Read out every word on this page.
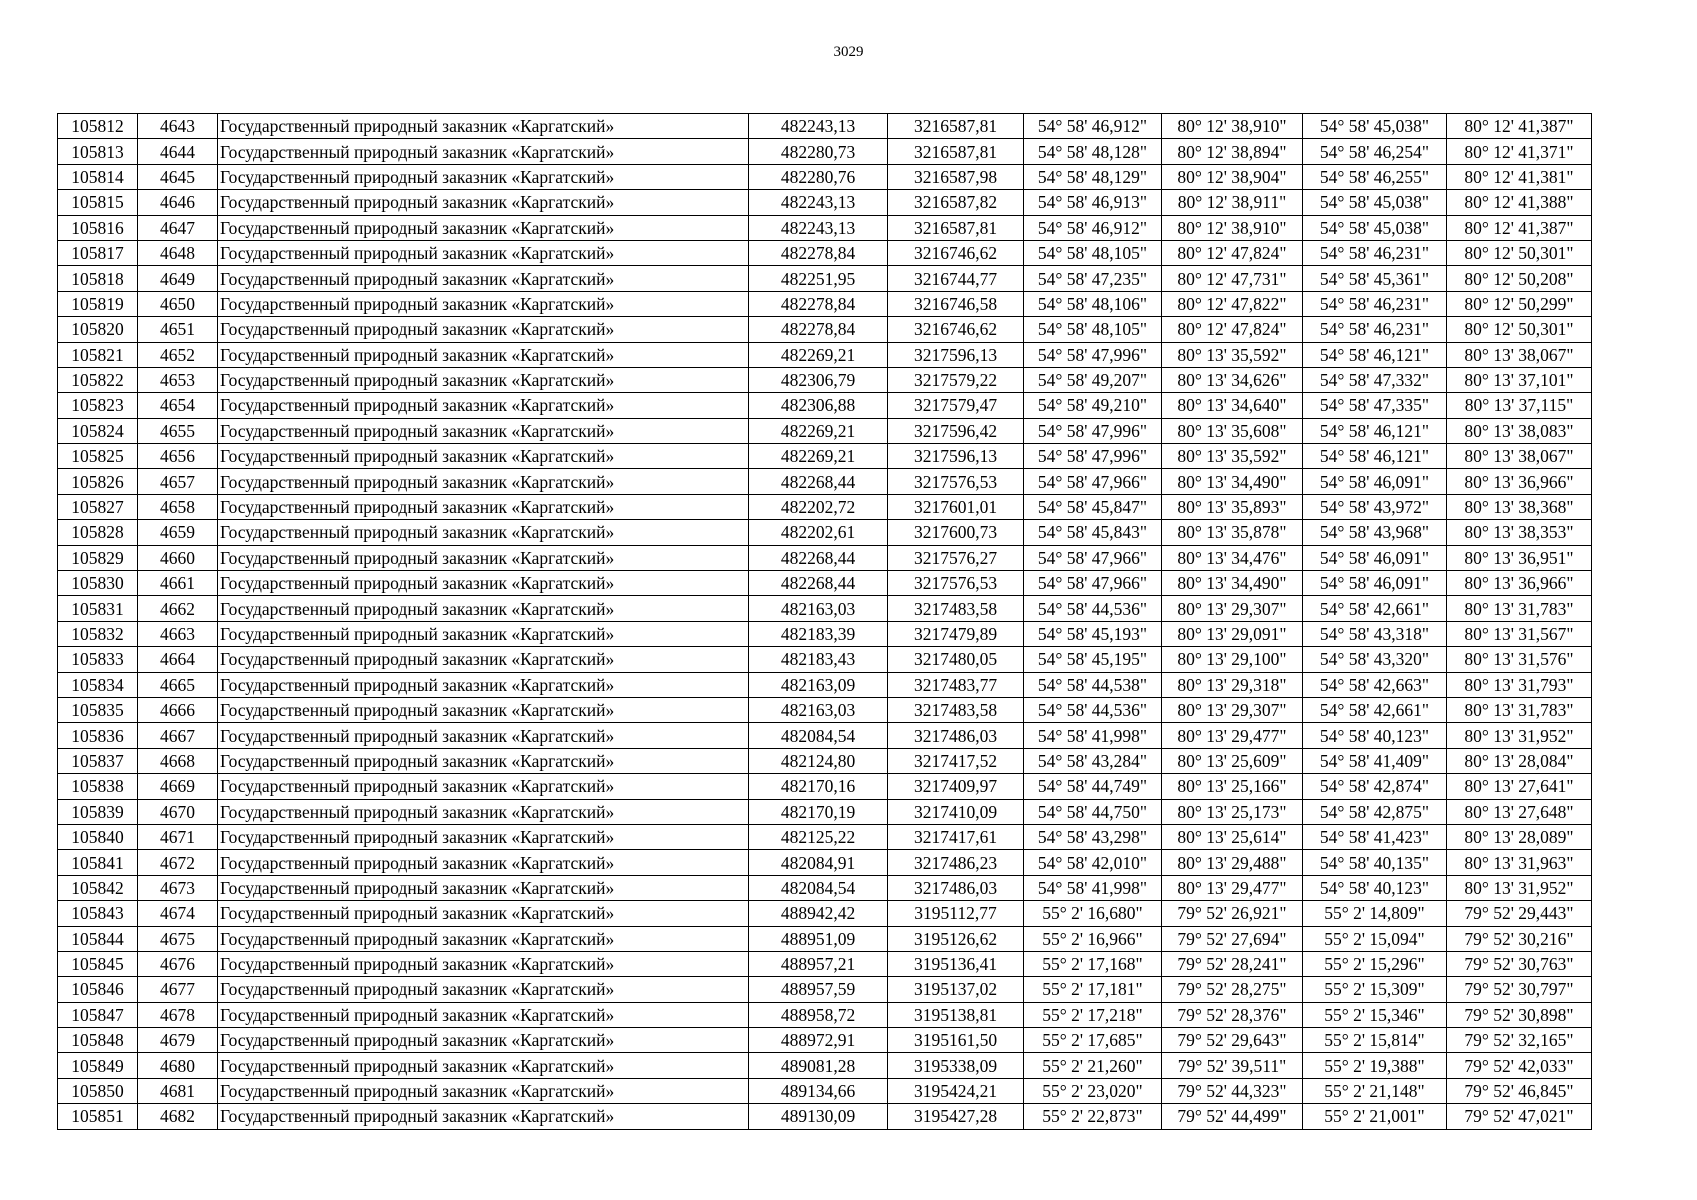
3029
105812	4643	Государственный природный заказник «Каргатский»	482243,13	3216587,81	54° 58' 46,912"	80° 12' 38,910"	54° 58' 45,038"	80° 12' 41,387"
105813	4644	Государственный природный заказник «Каргатский»	482280,73	3216587,81	54° 58' 48,128"	80° 12' 38,894"	54° 58' 46,254"	80° 12' 41,371"
105814	4645	Государственный природный заказник «Каргатский»	482280,76	3216587,98	54° 58' 48,129"	80° 12' 38,904"	54° 58' 46,255"	80° 12' 41,381"
105815	4646	Государственный природный заказник «Каргатский»	482243,13	3216587,82	54° 58' 46,913"	80° 12' 38,911"	54° 58' 45,038"	80° 12' 41,388"
105816	4647	Государственный природный заказник «Каргатский»	482243,13	3216587,81	54° 58' 46,912"	80° 12' 38,910"	54° 58' 45,038"	80° 12' 41,387"
105817	4648	Государственный природный заказник «Каргатский»	482278,84	3216746,62	54° 58' 48,105"	80° 12' 47,824"	54° 58' 46,231"	80° 12' 50,301"
105818	4649	Государственный природный заказник «Каргатский»	482251,95	3216744,77	54° 58' 47,235"	80° 12' 47,731"	54° 58' 45,361"	80° 12' 50,208"
105819	4650	Государственный природный заказник «Каргатский»	482278,84	3216746,58	54° 58' 48,106"	80° 12' 47,822"	54° 58' 46,231"	80° 12' 50,299"
105820	4651	Государственный природный заказник «Каргатский»	482278,84	3216746,62	54° 58' 48,105"	80° 12' 47,824"	54° 58' 46,231"	80° 12' 50,301"
105821	4652	Государственный природный заказник «Каргатский»	482269,21	3217596,13	54° 58' 47,996"	80° 13' 35,592"	54° 58' 46,121"	80° 13' 38,067"
105822	4653	Государственный природный заказник «Каргатский»	482306,79	3217579,22	54° 58' 49,207"	80° 13' 34,626"	54° 58' 47,332"	80° 13' 37,101"
105823	4654	Государственный природный заказник «Каргатский»	482306,88	3217579,47	54° 58' 49,210"	80° 13' 34,640"	54° 58' 47,335"	80° 13' 37,115"
105824	4655	Государственный природный заказник «Каргатский»	482269,21	3217596,42	54° 58' 47,996"	80° 13' 35,608"	54° 58' 46,121"	80° 13' 38,083"
105825	4656	Государственный природный заказник «Каргатский»	482269,21	3217596,13	54° 58' 47,996"	80° 13' 35,592"	54° 58' 46,121"	80° 13' 38,067"
105826	4657	Государственный природный заказник «Каргатский»	482268,44	3217576,53	54° 58' 47,966"	80° 13' 34,490"	54° 58' 46,091"	80° 13' 36,966"
105827	4658	Государственный природный заказник «Каргатский»	482202,72	3217601,01	54° 58' 45,847"	80° 13' 35,893"	54° 58' 43,972"	80° 13' 38,368"
105828	4659	Государственный природный заказник «Каргатский»	482202,61	3217600,73	54° 58' 45,843"	80° 13' 35,878"	54° 58' 43,968"	80° 13' 38,353"
105829	4660	Государственный природный заказник «Каргатский»	482268,44	3217576,27	54° 58' 47,966"	80° 13' 34,476"	54° 58' 46,091"	80° 13' 36,951"
105830	4661	Государственный природный заказник «Каргатский»	482268,44	3217576,53	54° 58' 47,966"	80° 13' 34,490"	54° 58' 46,091"	80° 13' 36,966"
105831	4662	Государственный природный заказник «Каргатский»	482163,03	3217483,58	54° 58' 44,536"	80° 13' 29,307"	54° 58' 42,661"	80° 13' 31,783"
105832	4663	Государственный природный заказник «Каргатский»	482183,39	3217479,89	54° 58' 45,193"	80° 13' 29,091"	54° 58' 43,318"	80° 13' 31,567"
105833	4664	Государственный природный заказник «Каргатский»	482183,43	3217480,05	54° 58' 45,195"	80° 13' 29,100"	54° 58' 43,320"	80° 13' 31,576"
105834	4665	Государственный природный заказник «Каргатский»	482163,09	3217483,77	54° 58' 44,538"	80° 13' 29,318"	54° 58' 42,663"	80° 13' 31,793"
105835	4666	Государственный природный заказник «Каргатский»	482163,03	3217483,58	54° 58' 44,536"	80° 13' 29,307"	54° 58' 42,661"	80° 13' 31,783"
105836	4667	Государственный природный заказник «Каргатский»	482084,54	3217486,03	54° 58' 41,998"	80° 13' 29,477"	54° 58' 40,123"	80° 13' 31,952"
105837	4668	Государственный природный заказник «Каргатский»	482124,80	3217417,52	54° 58' 43,284"	80° 13' 25,609"	54° 58' 41,409"	80° 13' 28,084"
105838	4669	Государственный природный заказник «Каргатский»	482170,16	3217409,97	54° 58' 44,749"	80° 13' 25,166"	54° 58' 42,874"	80° 13' 27,641"
105839	4670	Государственный природный заказник «Каргатский»	482170,19	3217410,09	54° 58' 44,750"	80° 13' 25,173"	54° 58' 42,875"	80° 13' 27,648"
105840	4671	Государственный природный заказник «Каргатский»	482125,22	3217417,61	54° 58' 43,298"	80° 13' 25,614"	54° 58' 41,423"	80° 13' 28,089"
105841	4672	Государственный природный заказник «Каргатский»	482084,91	3217486,23	54° 58' 42,010"	80° 13' 29,488"	54° 58' 40,135"	80° 13' 31,963"
105842	4673	Государственный природный заказник «Каргатский»	482084,54	3217486,03	54° 58' 41,998"	80° 13' 29,477"	54° 58' 40,123"	80° 13' 31,952"
105843	4674	Государственный природный заказник «Каргатский»	488942,42	3195112,77	55° 2' 16,680"	79° 52' 26,921"	55° 2' 14,809"	79° 52' 29,443"
105844	4675	Государственный природный заказник «Каргатский»	488951,09	3195126,62	55° 2' 16,966"	79° 52' 27,694"	55° 2' 15,094"	79° 52' 30,216"
105845	4676	Государственный природный заказник «Каргатский»	488957,21	3195136,41	55° 2' 17,168"	79° 52' 28,241"	55° 2' 15,296"	79° 52' 30,763"
105846	4677	Государственный природный заказник «Каргатский»	488957,59	3195137,02	55° 2' 17,181"	79° 52' 28,275"	55° 2' 15,309"	79° 52' 30,797"
105847	4678	Государственный природный заказник «Каргатский»	488958,72	3195138,81	55° 2' 17,218"	79° 52' 28,376"	55° 2' 15,346"	79° 52' 30,898"
105848	4679	Государственный природный заказник «Каргатский»	488972,91	3195161,50	55° 2' 17,685"	79° 52' 29,643"	55° 2' 15,814"	79° 52' 32,165"
105849	4680	Государственный природный заказник «Каргатский»	489081,28	3195338,09	55° 2' 21,260"	79° 52' 39,511"	55° 2' 19,388"	79° 52' 42,033"
105850	4681	Государственный природный заказник «Каргатский»	489134,66	3195424,21	55° 2' 23,020"	79° 52' 44,323"	55° 2' 21,148"	79° 52' 46,845"
105851	4682	Государственный природный заказник «Каргатский»	489130,09	3195427,28	55° 2' 22,873"	79° 52' 44,499"	55° 2' 21,001"	79° 52' 47,021"
